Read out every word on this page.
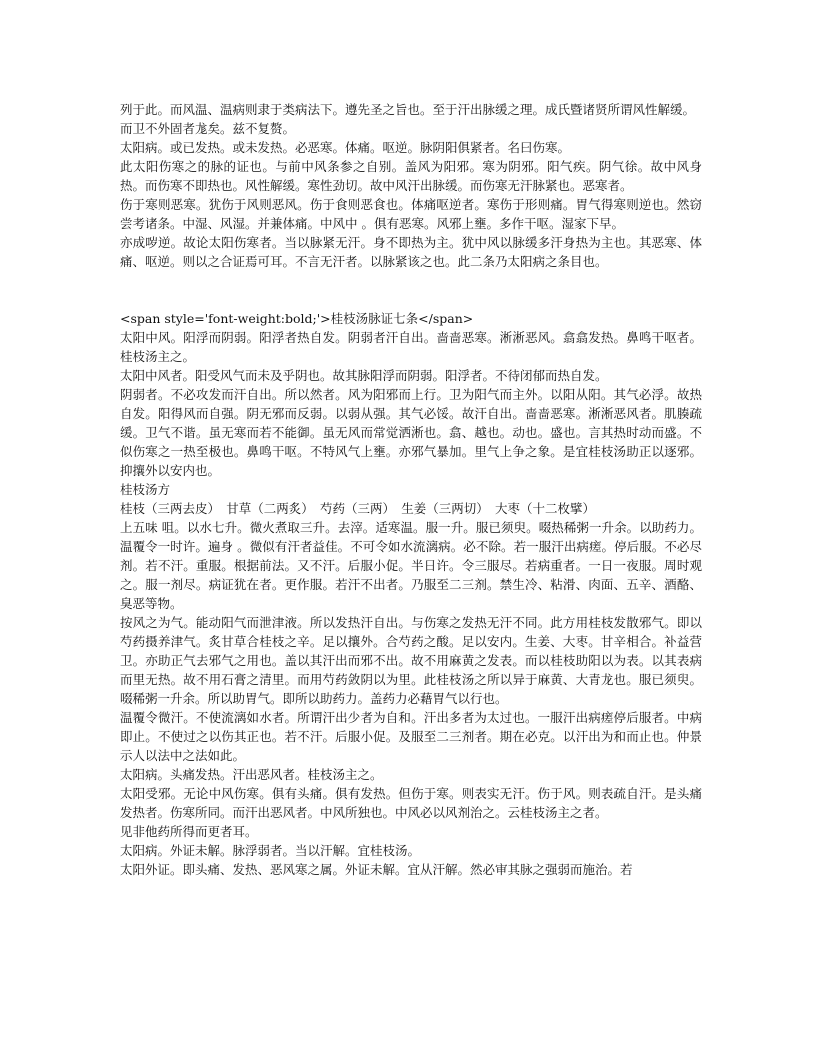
列于此。而风温、温病则隶于类病法下。遵先圣之旨也。至于汗出脉缓之理。成氏暨诸贤所谓风性解缓。

而卫不外固者尨矣。兹不复赘。

太阳病。或已发热。或未发热。必恶寒。体痛。呕逆。脉阴阳俱紧者。名曰伤寒。

此太阳伤寒之的脉的证也。与前中风条参之自别。盖风为阳邪。寒为阴邪。阳气疾。阴气徐。故中风身热。而伤寒不即热也。风性解缓。寒性劲切。故中风汗出脉缓。而伤寒无汗脉紧也。恶寒者。

伤于寒则恶寒。犹伤于风则恶风。伤于食则恶食也。体痛呕逆者。寒伤于形则痛。胃气得寒则逆也。然窃尝考诸条。中湿、风湿。并兼体痛。中风中 。俱有恶寒。风邪上壅。多作干呕。湿家下早。

亦成哕逆。故论太阳伤寒者。当以脉紧无汗。身不即热为主。犹中风以脉缓多汗身热为主也。其恶寒、体痛、呕逆。则以之合证焉可耳。不言无汗者。以脉紧该之也。此二条乃太阳病之条目也。

<span style='font-weight:bold;'>桂枝汤脉证七条</span>

太阳中风。阳浮而阴弱。阳浮者热自发。阴弱者汗自出。啬啬恶寒。淅淅恶风。翕翕发热。鼻鸣干呕者。桂枝汤主之。

太阳中风者。阳受风气而未及乎阴也。故其脉阳浮而阴弱。阳浮者。不待闭郁而热自发。

阴弱者。不必攻发而汗自出。所以然者。风为阳邪而上行。卫为阳气而主外。以阳从阳。其气必浮。故热自发。阳得风而自强。阴无邪而反弱。以弱从强。其气必馁。故汗自出。啬啬恶寒。淅淅恶风者。肌腠疏缓。卫气不谐。虽无寒而若不能御。虽无风而常觉洒淅也。翕、越也。动也。盛也。言其热时动而盛。不似伤寒之一热至极也。鼻鸣干呕。不特风气上壅。亦邪气暴加。里气上争之象。是宜桂枝汤助正以逐邪。抑攘外以安内也。

桂枝汤方

桂枝（三两去皮）　甘草（二两炙）　芍药（三两）　生姜（三两切）　大枣（十二枚擘）

上五味 咀。以水七升。微火煮取三升。去滓。适寒温。服一升。服已须臾。啜热稀粥一升余。以助药力。温覆令一时许。遍身 。微似有汗者益佳。不可令如水流漓病。必不除。若一服汗出病瘥。停后服。不必尽剂。若不汗。重服。根据前法。又不汗。后服小促。半日许。令三服尽。若病重者。一日一夜服。周时观之。服一剂尽。病证犹在者。更作服。若汗不出者。乃服至二三剂。禁生冷、粘滑、肉面、五辛、酒酪、臭恶等物。

按风之为气。能动阳气而泄津液。所以发热汗自出。与伤寒之发热无汗不同。此方用桂枝发散邪气。即以芍药摄养津气。炙甘草合桂枝之辛。足以攘外。合芍药之酸。足以安内。生姜、大枣。甘辛相合。补益营卫。亦助正气去邪气之用也。盖以其汗出而邪不出。故不用麻黄之发表。而以桂枝助阳以为表。以其表病而里无热。故不用石膏之清里。而用芍药敛阴以为里。此桂枝汤之所以异于麻黄、大青龙也。服已须臾。啜稀粥一升余。所以助胃气。即所以助药力。盖药力必藉胃气以行也。

温覆令微汗。不使流漓如水者。所谓汗出少者为自和。汗出多者为太过也。一服汗出病瘥停后服者。中病即止。不使过之以伤其正也。若不汗。后服小促。及服至二三剂者。期在必克。以汗出为和而止也。仲景示人以法中之法如此。

太阳病。头痛发热。汗出恶风者。桂枝汤主之。

太阳受邪。无论中风伤寒。俱有头痛。俱有发热。但伤于寒。则表实无汗。伤于风。则表疏自汗。是头痛发热者。伤寒所同。而汗出恶风者。中风所独也。中风必以风剂治之。云桂枝汤主之者。

见非他药所得而更者耳。

太阳病。外证未解。脉浮弱者。当以汗解。宜桂枝汤。

太阳外证。即头痛、发热、恶风寒之属。外证未解。宜从汗解。然必审其脉之强弱而施治。若
